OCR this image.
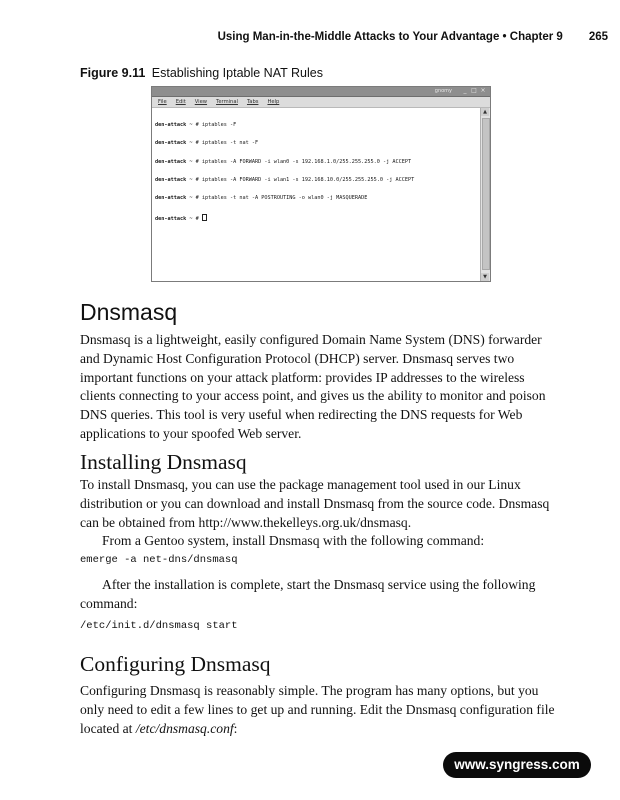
Using Man-in-the-Middle Attacks to Your Advantage • Chapter 9 265
Figure 9.11 Establishing Iptable NAT Rules
gnomy _ □ ×
File Edit View Terminal Tabs Help

den-attack ~ # iptables -F

den-attack ~ # iptables -t nat -F

den-attack ~ # iptables -A FORWARD -i wlan0 -s 192.168.1.0/255.255.255.0 -j ACCEPT

den-attack ~ # iptables -A FORWARD -i wlan1 -s 192.168.10.0/255.255.255.0 -j ACCEPT

den-attack ~ # iptables -t nat -A POSTROUTING -o wlan0 -j MASQUERADE

den-attack ~ #

▲
▼
Dnsmasq

Dnsmasq is a lightweight, easily configured Domain Name System (DNS) forwarder and Dynamic Host Configuration Protocol (DHCP) server. Dnsmasq serves two important functions on your attack platform: provides IP addresses to the wireless clients connecting to your access point, and gives us the ability to monitor and poison DNS queries. This tool is very useful when redirecting the DNS requests for Web applications to your spoofed Web server.

Installing Dnsmasq

To install Dnsmasq, you can use the package management tool used in our Linux distribution or you can download and install Dnsmasq from the source code. Dnsmasq can be obtained from http://www.thekelleys.org.uk/dnsmasq.

From a Gentoo system, install Dnsmasq with the following command:

emerge -a net-dns/dnsmasq

After the installation is complete, start the Dnsmasq service using the following command:

/etc/init.d/dnsmasq start
Configuring Dnsmasq

Configuring Dnsmasq is reasonably simple. The program has many options, but you only need to edit a few lines to get up and running. Edit the Dnsmasq configuration file located at /etc/dnsmasq.conf:

www.syngress.com
